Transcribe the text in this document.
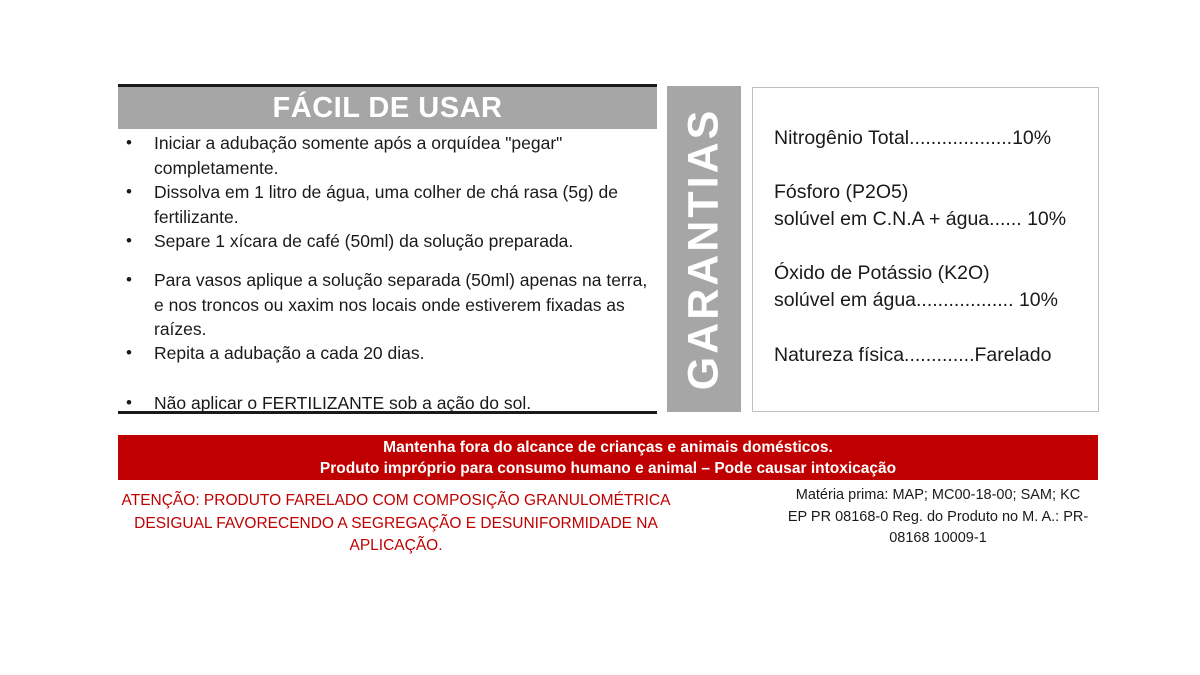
FÁCIL DE USAR
• Iniciar a adubação somente após a orquídea "pegar" completamente.
• Dissolva em 1 litro de água, uma colher de chá rasa (5g) de fertilizante.
• Separe 1 xícara de café (50ml) da solução preparada.
• Para vasos aplique a solução separada (50ml) apenas na terra, e nos troncos ou xaxim nos locais onde estiverem fixadas as raízes.
• Repita a adubação a cada 20 dias.
• Não aplicar o FERTILIZANTE sob a ação do sol.
GARANTIAS Nitrogênio Total...................10%
Fósforo (P2O5)
solúvel em C.N.A + água...... 10%
Óxido de Potássio (K2O)
solúvel em água.................. 10%
Natureza física.............Farelado
Mantenha fora do alcance de crianças e animais domésticos.
Produto impróprio para consumo humano e animal – Pode causar intoxicação
ATENÇÃO: PRODUTO FARELADO COM COMPOSIÇÃO GRANULOMÉTRICA
DESIGUAL FAVORECENDO A SEGREGAÇÃO E DESUNIFORMIDADE NA
APLICAÇÃO.
Matéria prima: MAP; MC00-18-00; SAM; KC
EP PR 08168-0 Reg. do Produto no M. A.: PR-
08168 10009-1
